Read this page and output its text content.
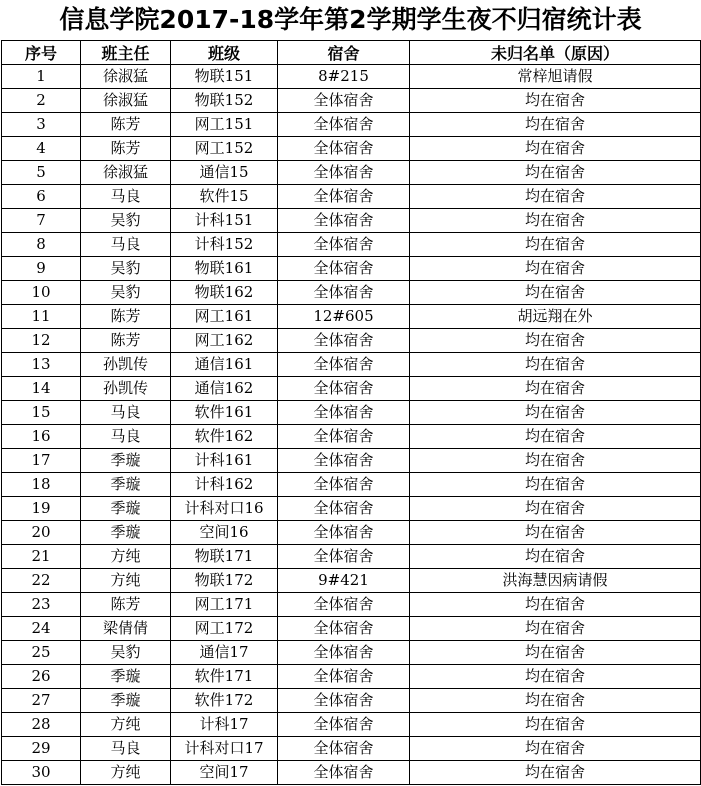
信息学院2017-18学年第2学期学生夜不归宿统计表
序号	班主任	班级	宿舍	未归名单（原因）
1	徐淑猛	物联151	8#215	常梓旭请假
2	徐淑猛	物联152	全体宿舍	均在宿舍
3	陈芳	网工151	全体宿舍	均在宿舍
4	陈芳	网工152	全体宿舍	均在宿舍
5	徐淑猛	通信15	全体宿舍	均在宿舍
6	马良	软件15	全体宿舍	均在宿舍
7	吴豹	计科151	全体宿舍	均在宿舍
8	马良	计科152	全体宿舍	均在宿舍
9	吴豹	物联161	全体宿舍	均在宿舍
10	吴豹	物联162	全体宿舍	均在宿舍
11	陈芳	网工161	12#605	胡远翔在外
12	陈芳	网工162	全体宿舍	均在宿舍
13	孙凯传	通信161	全体宿舍	均在宿舍
14	孙凯传	通信162	全体宿舍	均在宿舍
15	马良	软件161	全体宿舍	均在宿舍
16	马良	软件162	全体宿舍	均在宿舍
17	季璇	计科161	全体宿舍	均在宿舍
18	季璇	计科162	全体宿舍	均在宿舍
19	季璇	计科对口16	全体宿舍	均在宿舍
20	季璇	空间16	全体宿舍	均在宿舍
21	方纯	物联171	全体宿舍	均在宿舍
22	方纯	物联172	9#421	洪海慧因病请假
23	陈芳	网工171	全体宿舍	均在宿舍
24	梁倩倩	网工172	全体宿舍	均在宿舍
25	吴豹	通信17	全体宿舍	均在宿舍
26	季璇	软件171	全体宿舍	均在宿舍
27	季璇	软件172	全体宿舍	均在宿舍
28	方纯	计科17	全体宿舍	均在宿舍
29	马良	计科对口17	全体宿舍	均在宿舍
30	方纯	空间17	全体宿舍	均在宿舍
